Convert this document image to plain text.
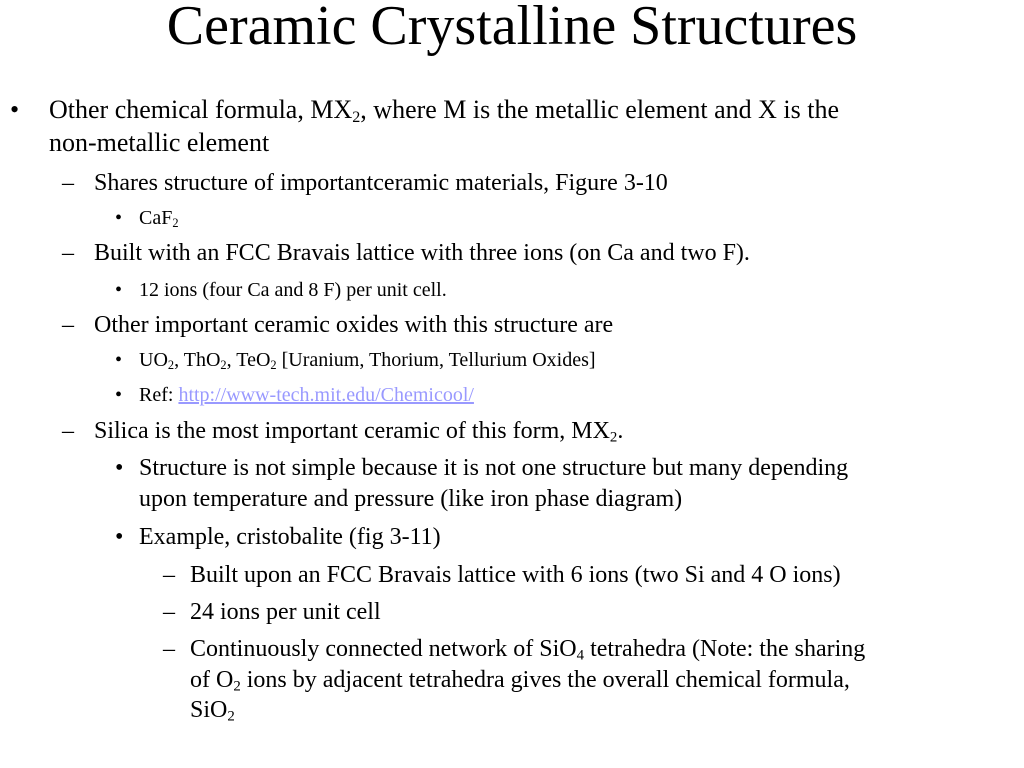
Ceramic Crystalline Structures
• Other chemical formula, $MX_2$, where M is the metallic element and X is the
non-metallic element
– Shares structure of importantceramic materials, Figure 3-10
• CaF$_2$
– Built with an FCC Bravais lattice with three ions (on Ca and two F).
• 12 ions (four Ca and 8 F) per unit cell.
– Other important ceramic oxides with this structure are
• $UO_2$, ThO$_2$, TeO$_2$ [Uranium, Thorium, Tellurium Oxides]
• Ref: http://www-tech.mit.edu/Chemicool/
– Silica is the most important ceramic of this form, $MX_2$.
• Structure is not simple because it is not one structure but many depending
upon temperature and pressure (like iron phase diagram)
• Example, cristobalite (fig 3-11)
– Built upon an FCC Bravais lattice with 6 ions (two Si and 4 O ions)
– 24 ions per unit cell
– Continuously connected network of SiO$_4$ tetrahedra (Note: the sharing
of $O_2$ ions by adjacent tetrahedra gives the overall chemical formula,
SiO$_2$
